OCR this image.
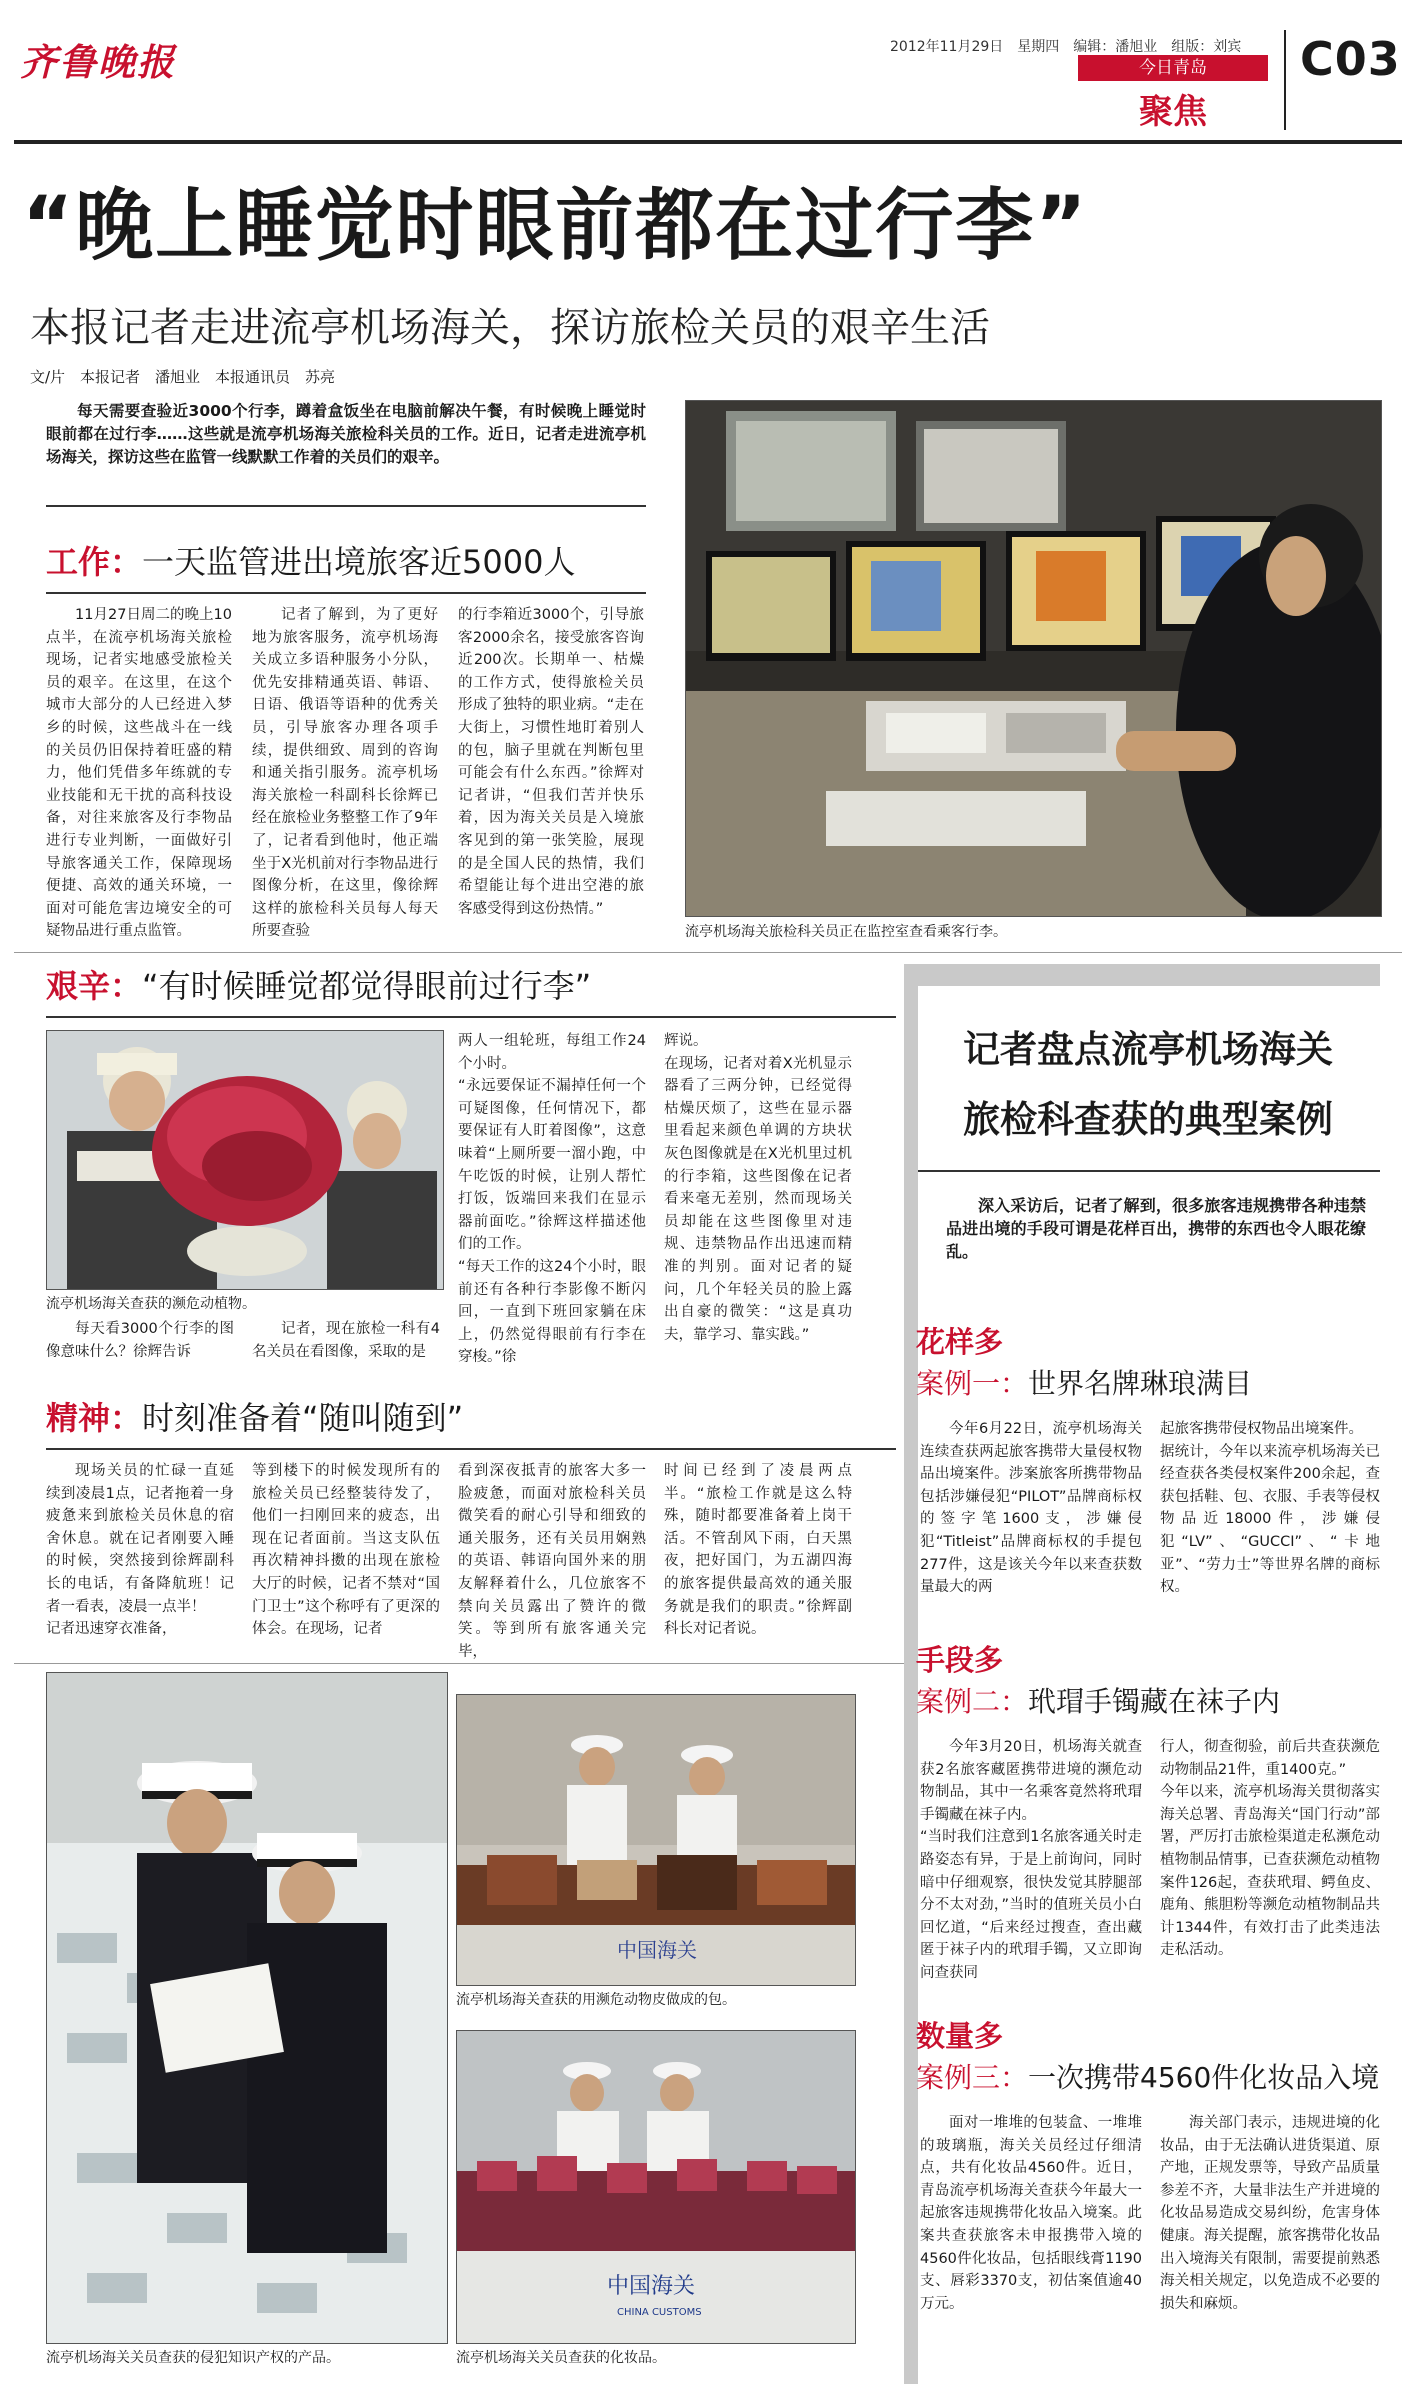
齐鲁晚报	2012年11月29日　星期四　编辑：潘旭业　组版：刘宾
今日青岛
聚焦
C03
“晚上睡觉时眼前都在过行李”
本报记者走进流亭机场海关，探访旅检关员的艰辛生活
文/片　本报记者　潘旭业　本报通讯员　苏亮

每天需要查验近3000个行李，蹲着盒饭坐在电脑前解决午餐，有时候晚上睡觉时眼前都在过行李……这些就是流亭机场海关旅检科关员的工作。近日，记者走进流亭机场海关，探访这些在监管一线默默工作着的关员们的艰辛。

流亭机场海关旅检科关员正在监控室查看乘客行李。
工作：一天监管进出境旅客近5000人

11月27日周二的晚上10点半，在流亭机场海关旅检现场，记者实地感受旅检关员的艰辛。在这里，在这个城市大部分的人已经进入梦乡的时候，这些战斗在一线的关员仍旧保持着旺盛的精力，他们凭借多年练就的专业技能和无干扰的高科技设备，对往来旅客及行李物品进行专业判断，一面做好引导旅客通关工作，保障现场便捷、高效的通关环境，一面对可能危害边境安全的可疑物品进行重点监管。

记者了解到，为了更好地为旅客服务，流亭机场海关成立多语种服务小分队，优先安排精通英语、韩语、日语、俄语等语种的优秀关员，引导旅客办理各项手续，提供细致、周到的咨询和通关指引服务。流亭机场海关旅检一科副科长徐辉已经在旅检业务整整工作了9年了，记者看到他时，他正端坐于X光机前对行李物品进行图像分析，在这里，像徐辉这样的旅检科关员每人每天所要查验

的行李箱近3000个，引导旅客2000余名，接受旅客咨询近200次。长期单一、枯燥的工作方式，使得旅检关员形成了独特的职业病。“走在大街上，习惯性地盯着别人的包，脑子里就在判断包里可能会有什么东西。”徐辉对记者讲，“但我们苦并快乐着，因为海关关员是入境旅客见到的第一张笑脸，展现的是全国人民的热情，我们希望能让每个进出空港的旅客感受得到这份热情。”

艰辛：“有时候睡觉都觉得眼前过行李”
流亭机场海关查获的濒危动植物。

每天看3000个行李的图像意味什么？徐辉告诉

记者，现在旅检一科有4名关员在看图像，采取的是

两人一组轮班，每组工作24个小时。
“永远要保证不漏掉任何一个可疑图像，任何情况下，都要保证有人盯着图像”，这意味着“上厕所要一溜小跑，中午吃饭的时候，让别人帮忙打饭，饭端回来我们在显示器前面吃。”徐辉这样描述他们的工作。
“每天工作的这24个小时，眼前还有各种行李影像不断闪回，一直到下班回家躺在床上，仍然觉得眼前有行李在穿梭。”徐

辉说。
在现场，记者对着X光机显示器看了三两分钟，已经觉得枯燥厌烦了，这些在显示器里看起来颜色单调的方块状灰色图像就是在X光机里过机的行李箱，这些图像在记者看来毫无差别，然而现场关员却能在这些图像里对违规、违禁物品作出迅速而精准的判别。面对记者的疑问，几个年轻关员的脸上露出自豪的微笑：“这是真功夫，靠学习、靠实践。”

精神：时刻准备着“随叫随到”

现场关员的忙碌一直延续到凌晨1点，记者拖着一身疲惫来到旅检关员休息的宿舍休息。就在记者刚要入睡的时候，突然接到徐辉副科长的电话，有备降航班！记者一看表，凌晨一点半！
记者迅速穿衣准备，

等到楼下的时候发现所有的旅检关员已经整装待发了，他们一扫刚回来的疲态，出现在记者面前。当这支队伍再次精神抖擞的出现在旅检大厅的时候，记者不禁对“国门卫士”这个称呼有了更深的体会。在现场，记者

看到深夜抵青的旅客大多一脸疲惫，而面对旅检科关员微笑看的耐心引导和细致的通关服务，还有关员用娴熟的英语、韩语向国外来的朋友解释着什么，几位旅客不禁向关员露出了赞许的微笑。等到所有旅客通关完毕，

时间已经到了凌晨两点半。“旅检工作就是这么特殊，随时都要准备着上岗干活。不管刮风下雨，白天黑夜，把好国门，为五湖四海的旅客提供最高效的通关服务就是我们的职责。”徐辉副科长对记者说。

流亭机场海关关员查获的侵犯知识产权的产品。
中国海关
流亭机场海关查获的用濒危动物皮做成的包。
中国海关
CHINA CUSTOMS
流亭机场海关关员查获的化妆品。
记者盘点流亭机场海关
旅检科查获的典型案例

深入采访后，记者了解到，很多旅客违规携带各种违禁品进出境的手段可谓是花样百出，携带的东西也令人眼花缭乱。

花样多
案例一：世界名牌琳琅满目

今年6月22日，流亭机场海关连续查获两起旅客携带大量侵权物品出境案件。涉案旅客所携带物品包括涉嫌侵犯“PILOT”品牌商标权的签字笔1600支，涉嫌侵犯“Titleist”品牌商标权的手提包277件，这是该关今年以来查获数量最大的两

起旅客携带侵权物品出境案件。
据统计，今年以来流亭机场海关已经查获各类侵权案件200余起，查获包括鞋、包、衣服、手表等侵权物品近18000件，涉嫌侵犯“LV”、“GUCCI”、“卡地亚”、“劳力士”等世界名牌的商标权。

手段多
案例二：玳瑁手镯藏在袜子内

今年3月20日，机场海关就查获2名旅客藏匿携带进境的濒危动物制品，其中一名乘客竟然将玳瑁手镯藏在袜子内。
“当时我们注意到1名旅客通关时走路姿态有异，于是上前询问，同时暗中仔细观察，很快发觉其脖腿部分不太对劲，”当时的值班关员小白回忆道，“后来经过搜查，查出藏匿于袜子内的玳瑁手镯，又立即询问查获同

行人，彻查彻验，前后共查获濒危动物制品21件，重1400克。”
今年以来，流亭机场海关贯彻落实海关总署、青岛海关“国门行动”部署，严厉打击旅检渠道走私濒危动植物制品情事，已查获濒危动植物案件126起，查获玳瑁、鳄鱼皮、鹿角、熊胆粉等濒危动植物制品共计1344件，有效打击了此类违法走私活动。

数量多
案例三：一次携带4560件化妆品入境

面对一堆堆的包装盒、一堆堆的玻璃瓶，海关关员经过仔细清点，共有化妆品4560件。近日，青岛流亭机场海关查获今年最大一起旅客违规携带化妆品入境案。此案共查获旅客未申报携带入境的4560件化妆品，包括眼线膏1190支、唇彩3370支，初估案值逾40万元。

海关部门表示，违规进境的化妆品，由于无法确认进货渠道、原产地，正规发票等，导致产品质量参差不齐，大量非法生产并进境的化妆品易造成交易纠纷，危害身体健康。海关提醒，旅客携带化妆品出入境海关有限制，需要提前熟悉海关相关规定，以免造成不必要的损失和麻烦。
